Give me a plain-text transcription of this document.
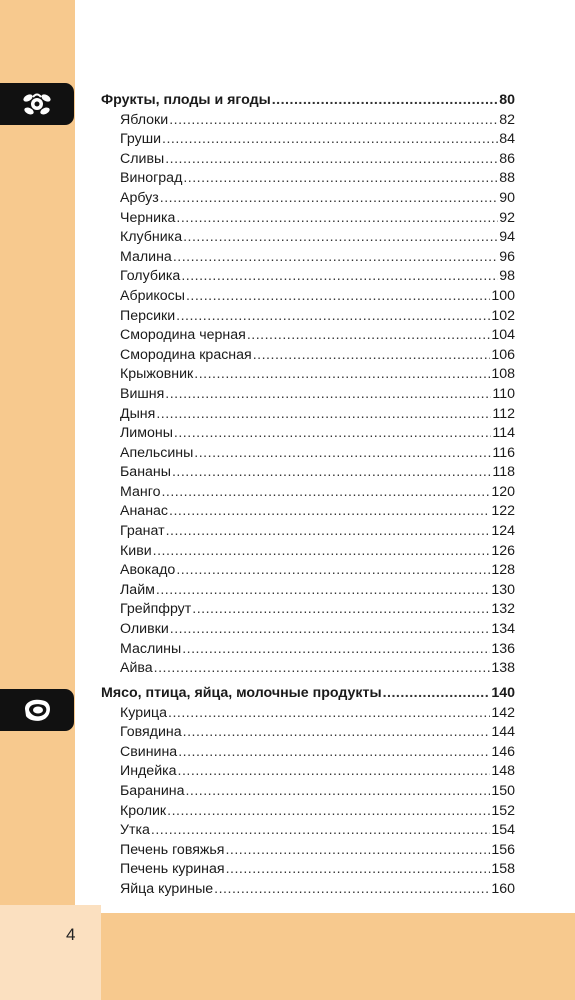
4
Фрукты, плоды и ягоды .....	80
Яблоки .....	82
Груши .....	84
Сливы .....	86
Виноград .....	88
Арбуз .....	90
Черника .....	92
Клубника .....	94
Малина .....	96
Голубика .....	98
Абрикосы .....	100
Персики .....	102
Смородина черная .....	104
Смородина красная .....	106
Крыжовник .....	108
Вишня .....	110
Дыня .....	112
Лимоны .....	114
Апельсины .....	116
Бананы .....	118
Манго .....	120
Ананас .....	122
Гранат .....	124
Киви .....	126
Авокадо .....	128
Лайм .....	130
Грейпфрут .....	132
Оливки .....	134
Маслины .....	136
Айва .....	138
Мясо, птица, яйца, молочные продукты .....	140
Курица .....	142
Говядина .....	144
Свинина .....	146
Индейка .....	148
Баранина .....	150
Кролик .....	152
Утка .....	154
Печень говяжья .....	156
Печень куриная .....	158
Яйца куриные .....	160
